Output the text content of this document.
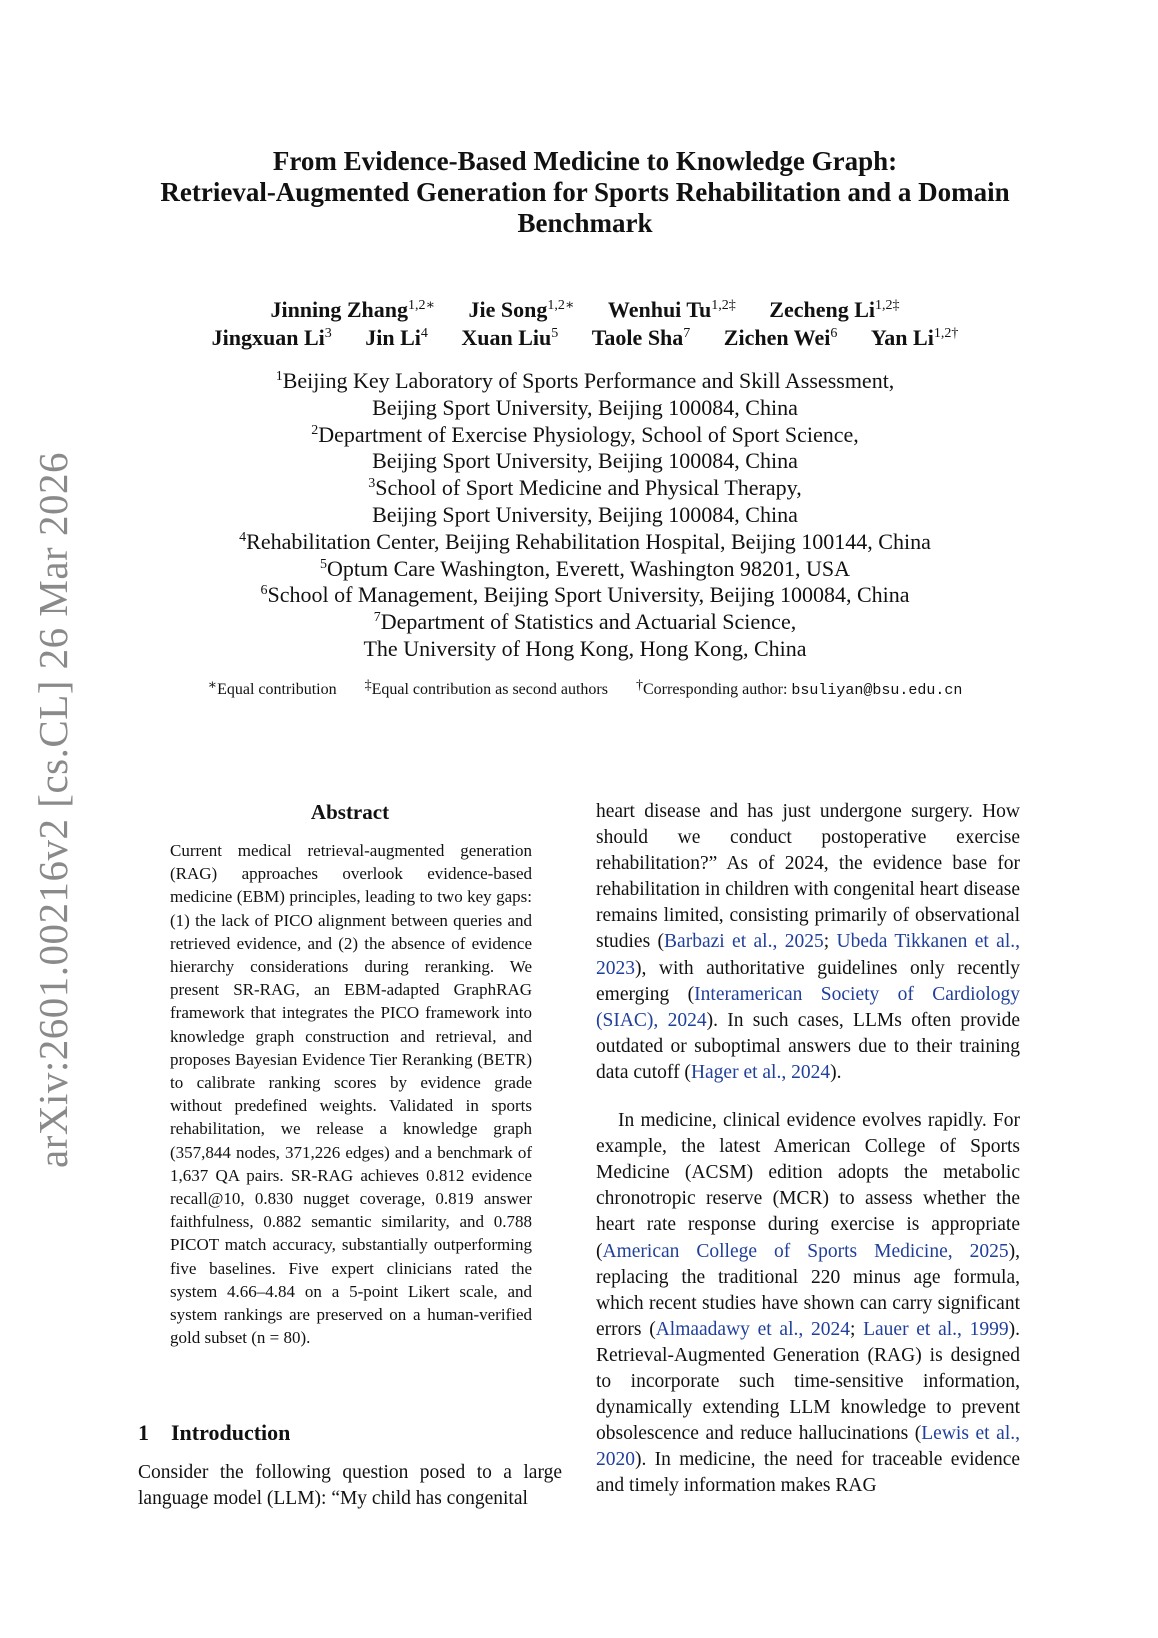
arXiv:2601.00216v2 [cs.CL] 26 Mar 2026
From Evidence-Based Medicine to Knowledge Graph:
Retrieval-Augmented Generation for Sports Rehabilitation and a Domain
Benchmark
Jinning Zhang$^{1,2∗}$ Jie Song$^{1,2∗}$ Wenhui $Tu^{1,2\ddagger}$ Zecheng $Li^{1,2\ddagger}$
Jingxuan Li$^3$ Jin Li$^4$ Xuan Liu$^5$ Taole Sha$^7$ Zichen Wei$^6$ Yan $Li^{1,2\dagger}$
$^1$Beijing Key Laboratory of Sports Performance and Skill Assessment,
Beijing Sport University, Beijing 100084, China
$^2$Department of Exercise Physiology, School of Sport Science,
Beijing Sport University, Beijing 100084, China
$^3$School of Sport Medicine and Physical Therapy,
Beijing Sport University, Beijing 100084, China
$^4$Rehabilitation Center, Beijing Rehabilitation Hospital, Beijing 100144, China
$^5$Optum Care Washington, Everett, Washington 98201, USA
$^6$School of Management, Beijing Sport University, Beijing 100084, China
$^7$Department of Statistics and Actuarial Science,
The University of Hong Kong, Hong Kong, China
∗Equal contribution ‡Equal contribution as second authors †Corresponding author: bsuliyan@bsu.edu.cn
Abstract
Current medical retrieval-augmented generation (RAG) approaches overlook evidence-based medicine (EBM) principles, leading to two key gaps: (1) the lack of PICO alignment between queries and retrieved evidence, and (2) the absence of evidence hierarchy considerations during reranking. We present SR-RAG, an EBM-adapted GraphRAG framework that integrates the PICO framework into knowledge graph construction and retrieval, and proposes Bayesian Evidence Tier Reranking (BETR) to calibrate ranking scores by evidence grade without predefined weights. Validated in sports rehabilitation, we release a knowledge graph (357,844 nodes, 371,226 edges) and a benchmark of 1,637 QA pairs. SR-RAG achieves 0.812 evidence recall@10, 0.830 nugget coverage, 0.819 answer faithfulness, 0.882 semantic similarity, and 0.788 PICOT match accuracy, substantially outperforming five baselines. Five expert clinicians rated the system 4.66–4.84 on a 5-point Likert scale, and system rankings are preserved on a human-verified gold subset (n = 80).
1 Introduction
Consider the following question posed to a large language model (LLM): “My child has congenital

heart disease and has just undergone surgery. How should we conduct postoperative exercise rehabilitation?” As of 2024, the evidence base for rehabilitation in children with congenital heart disease remains limited, consisting primarily of observational studies (Barbazi et al., 2025; Ubeda Tikkanen et al., 2023), with authoritative guidelines only recently emerging (Interamerican Society of Cardiology (SIAC), 2024). In such cases, LLMs often provide outdated or suboptimal answers due to their training data cutoff (Hager et al., 2024).

In medicine, clinical evidence evolves rapidly. For example, the latest American College of Sports Medicine (ACSM) edition adopts the metabolic chronotropic reserve (MCR) to assess whether the heart rate response during exercise is appropriate (American College of Sports Medicine, 2025), replacing the traditional 220 minus age formula, which recent studies have shown can carry significant errors (Almaadawy et al., 2024; Lauer et al., 1999). Retrieval-Augmented Generation (RAG) is designed to incorporate such time-sensitive information, dynamically extending LLM knowledge to prevent obsolescence and reduce hallucinations (Lewis et al., 2020). In medicine, the need for traceable evidence and timely information makes RAG
